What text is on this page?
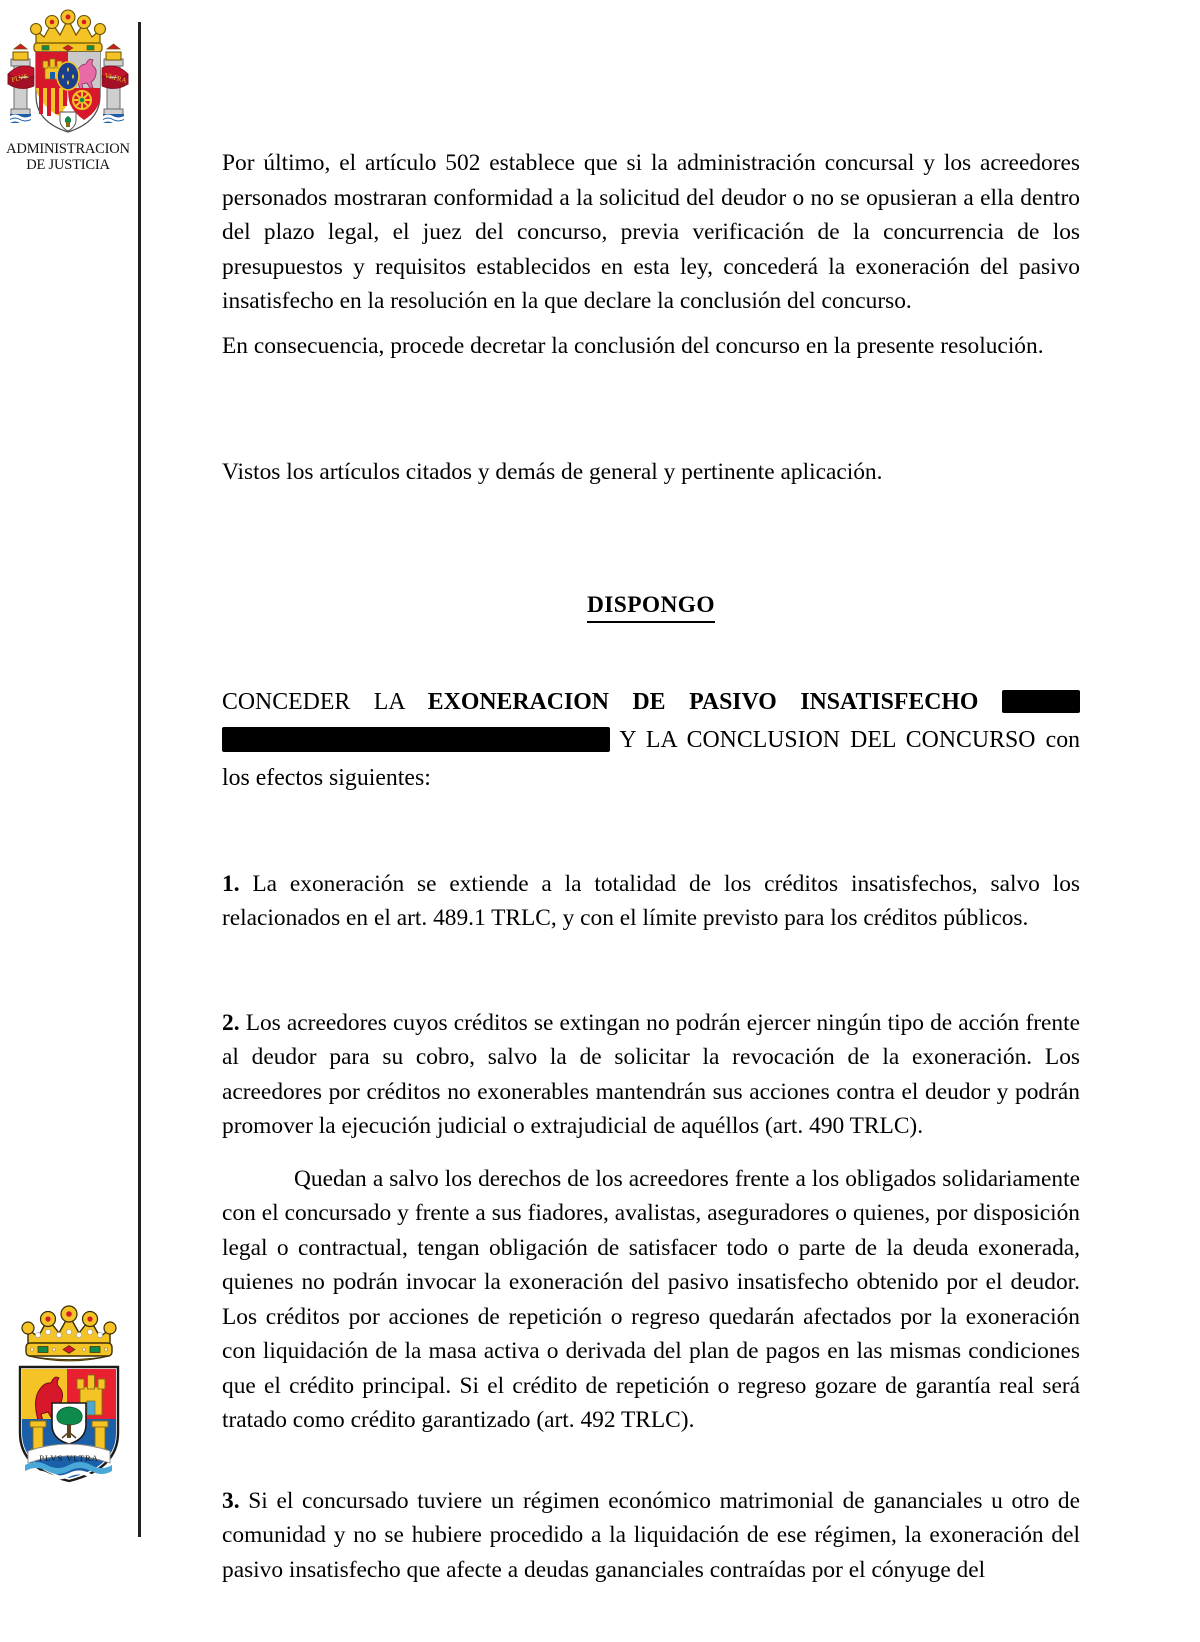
PLVS	VLTRA
ADMINISTRACION
DE JUSTICIA
PLVS VLTRA

Por último, el artículo 502 establece que si la administración concursal y los acreedores personados mostraran conformidad a la solicitud del deudor o no se opusieran a ella dentro del plazo legal, el juez del concurso, previa verificación de la concurrencia de los presupuestos y requisitos establecidos en esta ley, concederá la exoneración del pasivo insatisfecho en la resolución en la que declare la conclusión del concurso.

En consecuencia, procede decretar la conclusión del concurso en la presente resolución.

Vistos los artículos citados y demás de general y pertinente aplicación.

DISPONGO

CONCEDER LA EXONERACION DE PASIVO INSATISFECHO   Y LA CONCLUSION DEL CONCURSO con los efectos siguientes:

1. La exoneración se extiende a la totalidad de los créditos insatisfechos, salvo los relacionados en el art. 489.1 TRLC, y con el límite previsto para los créditos públicos.

2. Los acreedores cuyos créditos se extingan no podrán ejercer ningún tipo de acción frente al deudor para su cobro, salvo la de solicitar la revocación de la exoneración. Los acreedores por créditos no exonerables mantendrán sus acciones contra el deudor y podrán promover la ejecución judicial o extrajudicial de aquéllos (art. 490 TRLC).

Quedan a salvo los derechos de los acreedores frente a los obligados solidariamente con el concursado y frente a sus fiadores, avalistas, aseguradores o quienes, por disposición legal o contractual, tengan obligación de satisfacer todo o parte de la deuda exonerada, quienes no podrán invocar la exoneración del pasivo insatisfecho obtenido por el deudor. Los créditos por acciones de repetición o regreso quedarán afectados por la exoneración con liquidación de la masa activa o derivada del plan de pagos en las mismas condiciones que el crédito principal. Si el crédito de repetición o regreso gozare de garantía real será tratado como crédito garantizado (art. 492 TRLC).

3. Si el concursado tuviere un régimen económico matrimonial de gananciales u otro de comunidad y no se hubiere procedido a la liquidación de ese régimen, la exoneración del pasivo insatisfecho que afecte a deudas gananciales contraídas por el cónyuge del
